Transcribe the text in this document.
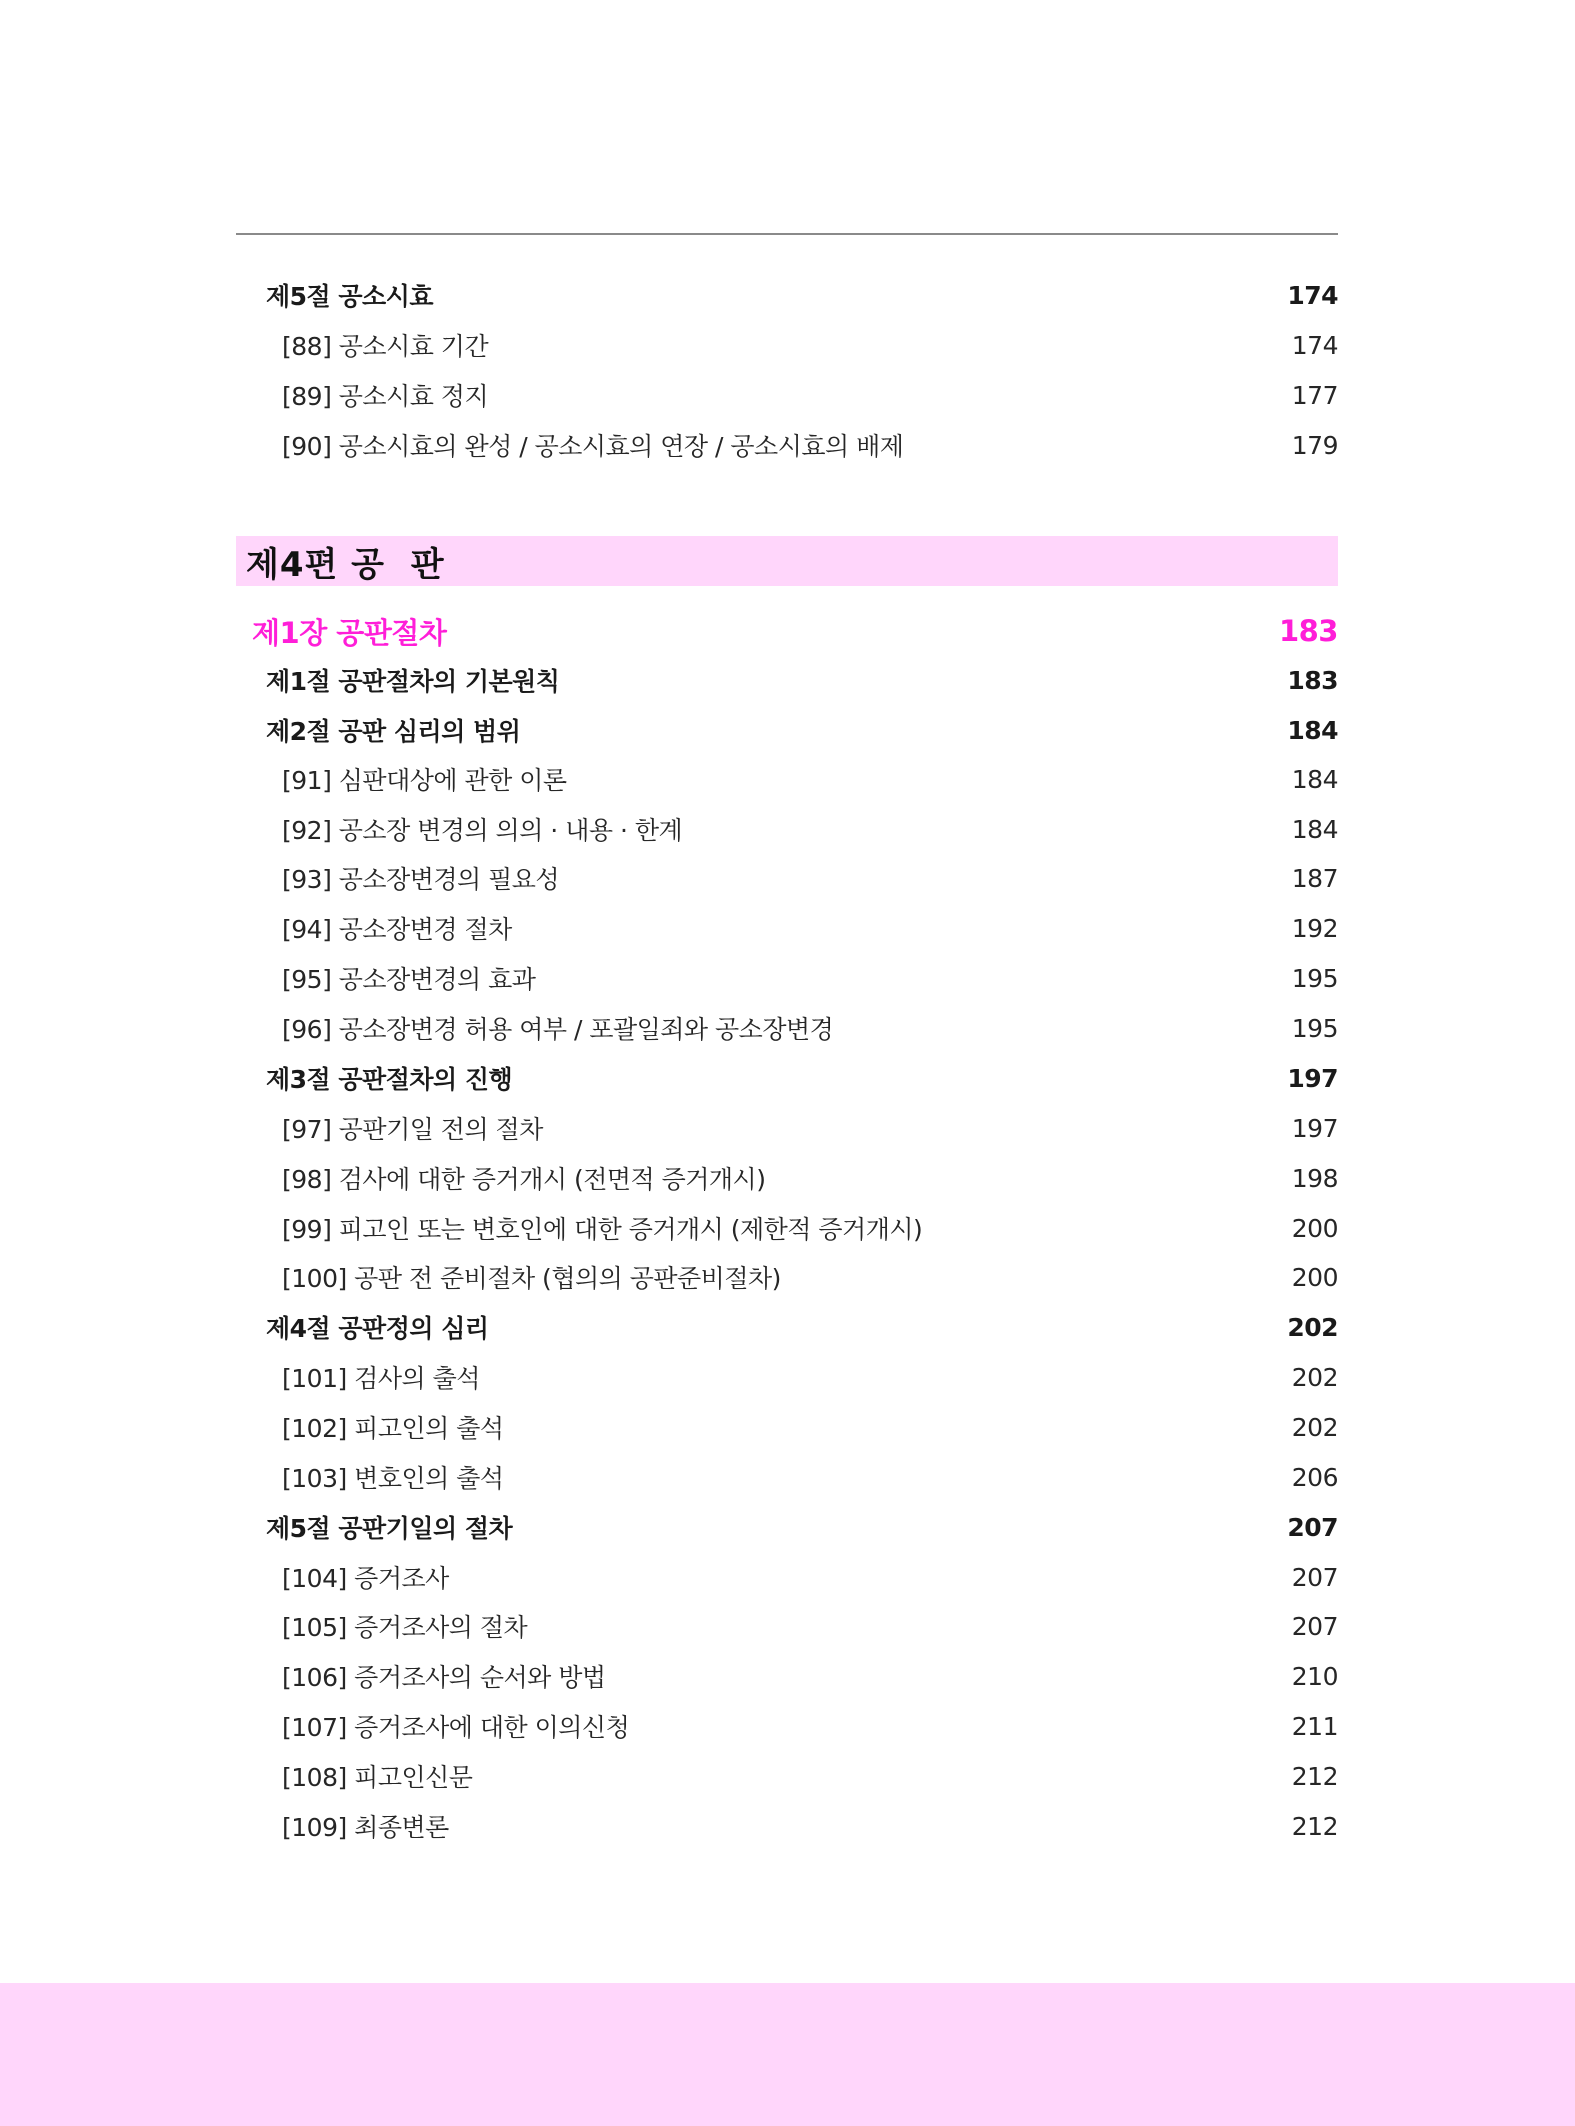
제5절 공소시효	174
[88] 공소시효 기간	174
[89] 공소시효 정지	177
[90] 공소시효의 완성 / 공소시효의 연장 / 공소시효의 배제	179
제4편 공  판
제1장 공판절차	183
제1절 공판절차의 기본원칙	183
제2절 공판 심리의 범위	184
[91] 심판대상에 관한 이론	184
[92] 공소장 변경의 의의 · 내용 · 한계	184
[93] 공소장변경의 필요성	187
[94] 공소장변경 절차	192
[95] 공소장변경의 효과	195
[96] 공소장변경 허용 여부 / 포괄일죄와 공소장변경	195
제3절 공판절차의 진행	197
[97] 공판기일 전의 절차	197
[98] 검사에 대한 증거개시 (전면적 증거개시)	198
[99] 피고인 또는 변호인에 대한 증거개시 (제한적 증거개시)	200
[100] 공판 전 준비절차 (협의의 공판준비절차)	200
제4절 공판정의 심리	202
[101] 검사의 출석	202
[102] 피고인의 출석	202
[103] 변호인의 출석	206
제5절 공판기일의 절차	207
[104] 증거조사	207
[105] 증거조사의 절차	207
[106] 증거조사의 순서와 방법	210
[107] 증거조사에 대한 이의신청	211
[108] 피고인신문	212
[109] 최종변론	212
